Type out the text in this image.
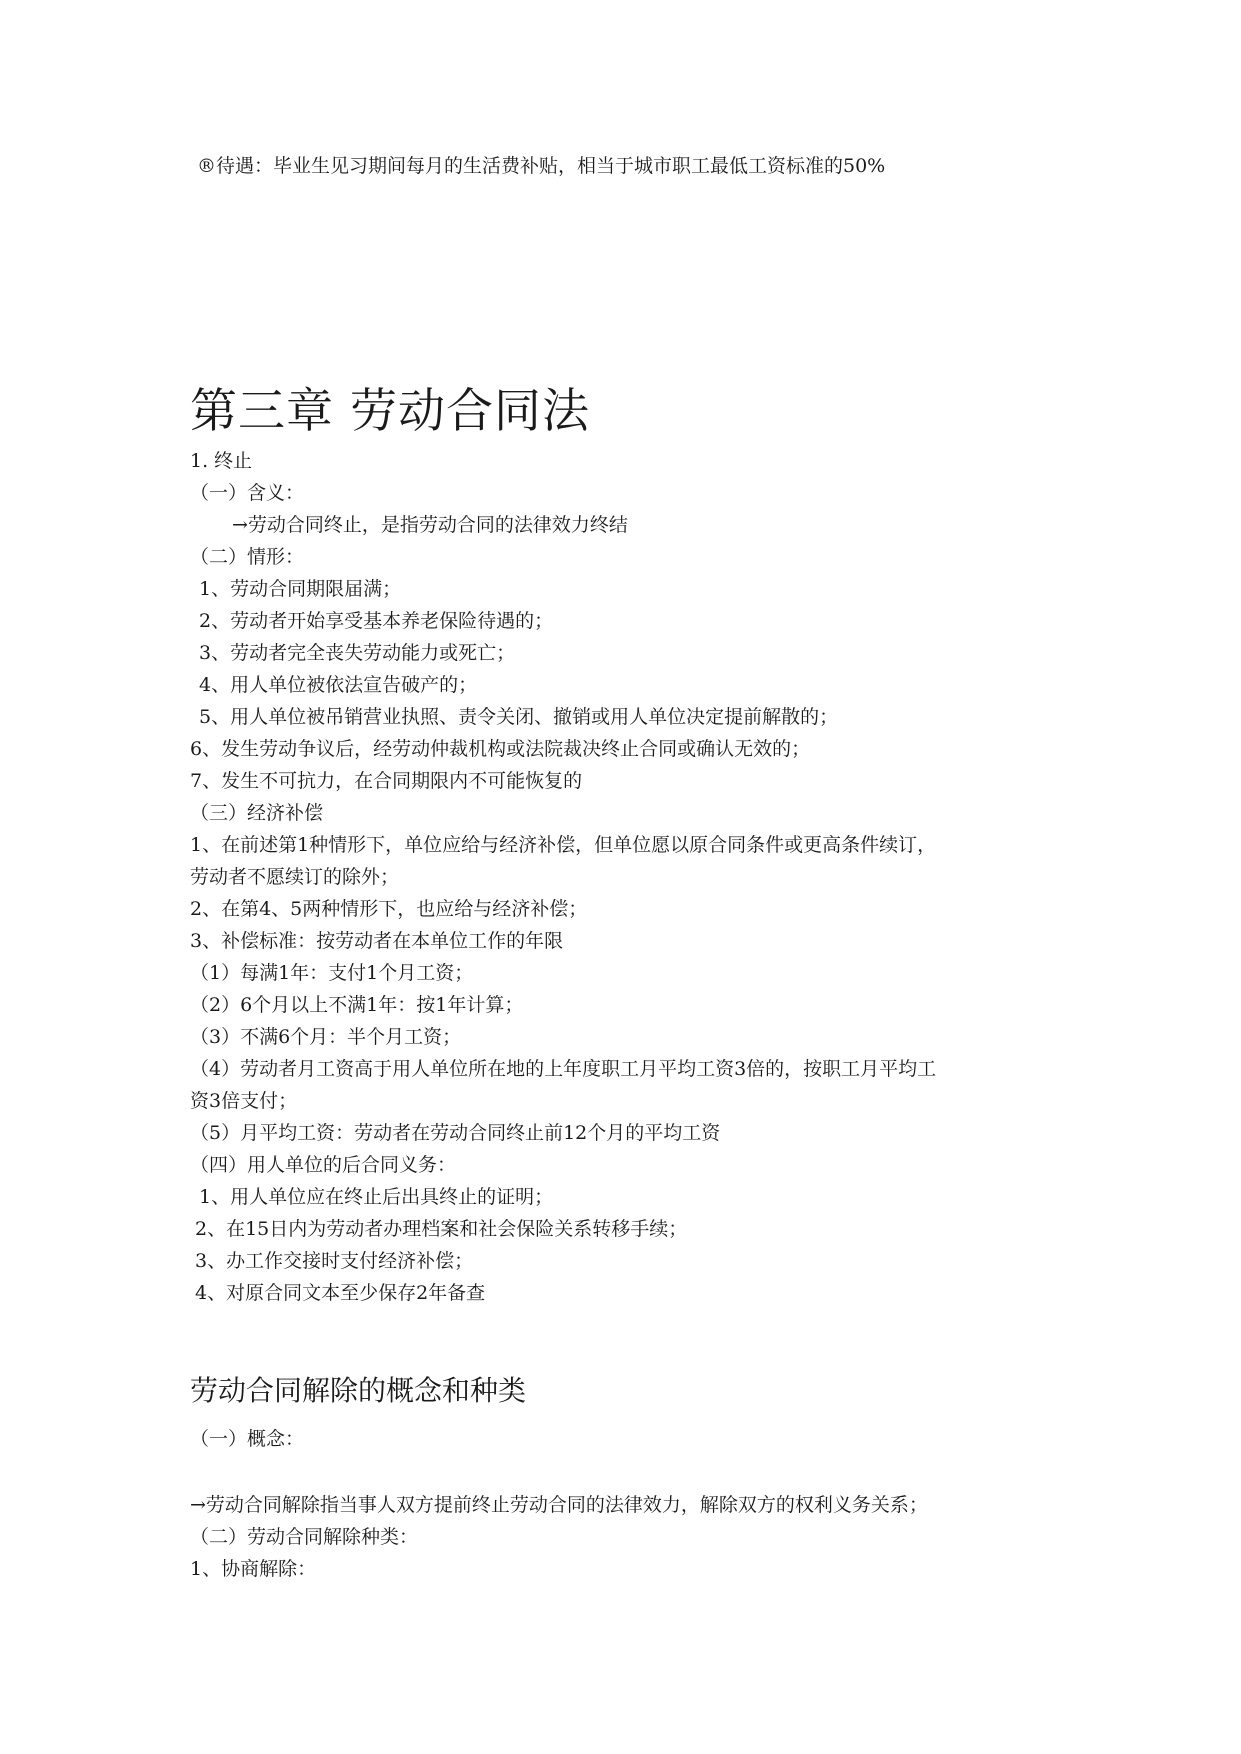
®待遇：毕业生见习期间每月的生活费补贴，相当于城市职工最低工资标准的50%
第三章 劳动合同法
1. 终止
（一）含义：
→劳动合同终止，是指劳动合同的法律效力终结
（二）情形：
1、劳动合同期限届满；
2、劳动者开始享受基本养老保险待遇的；
3、劳动者完全丧失劳动能力或死亡；
4、用人单位被依法宣告破产的；
5、用人单位被吊销营业执照、责令关闭、撤销或用人单位决定提前解散的；
6、发生劳动争议后，经劳动仲裁机构或法院裁决终止合同或确认无效的；
7、发生不可抗力，在合同期限内不可能恢复的
（三）经济补偿
1、在前述第1种情形下，单位应给与经济补偿，但单位愿以原合同条件或更高条件续订，
劳动者不愿续订的除外；
2、在第4、5两种情形下，也应给与经济补偿；
3、补偿标准：按劳动者在本单位工作的年限
（1）每满1年：支付1个月工资；
（2）6个月以上不满1年：按1年计算；
（3）不满6个月：半个月工资；
（4）劳动者月工资高于用人单位所在地的上年度职工月平均工资3倍的，按职工月平均工
资3倍支付；
（5）月平均工资：劳动者在劳动合同终止前12个月的平均工资
（四）用人单位的后合同义务：
1、用人单位应在终止后出具终止的证明；
2、在15日内为劳动者办理档案和社会保险关系转移手续；
3、办工作交接时支付经济补偿；
4、对原合同文本至少保存2年备查
劳动合同解除的概念和种类
（一）概念：
→劳动合同解除指当事人双方提前终止劳动合同的法律效力，解除双方的权利义务关系；
（二）劳动合同解除种类：
1、协商解除：
